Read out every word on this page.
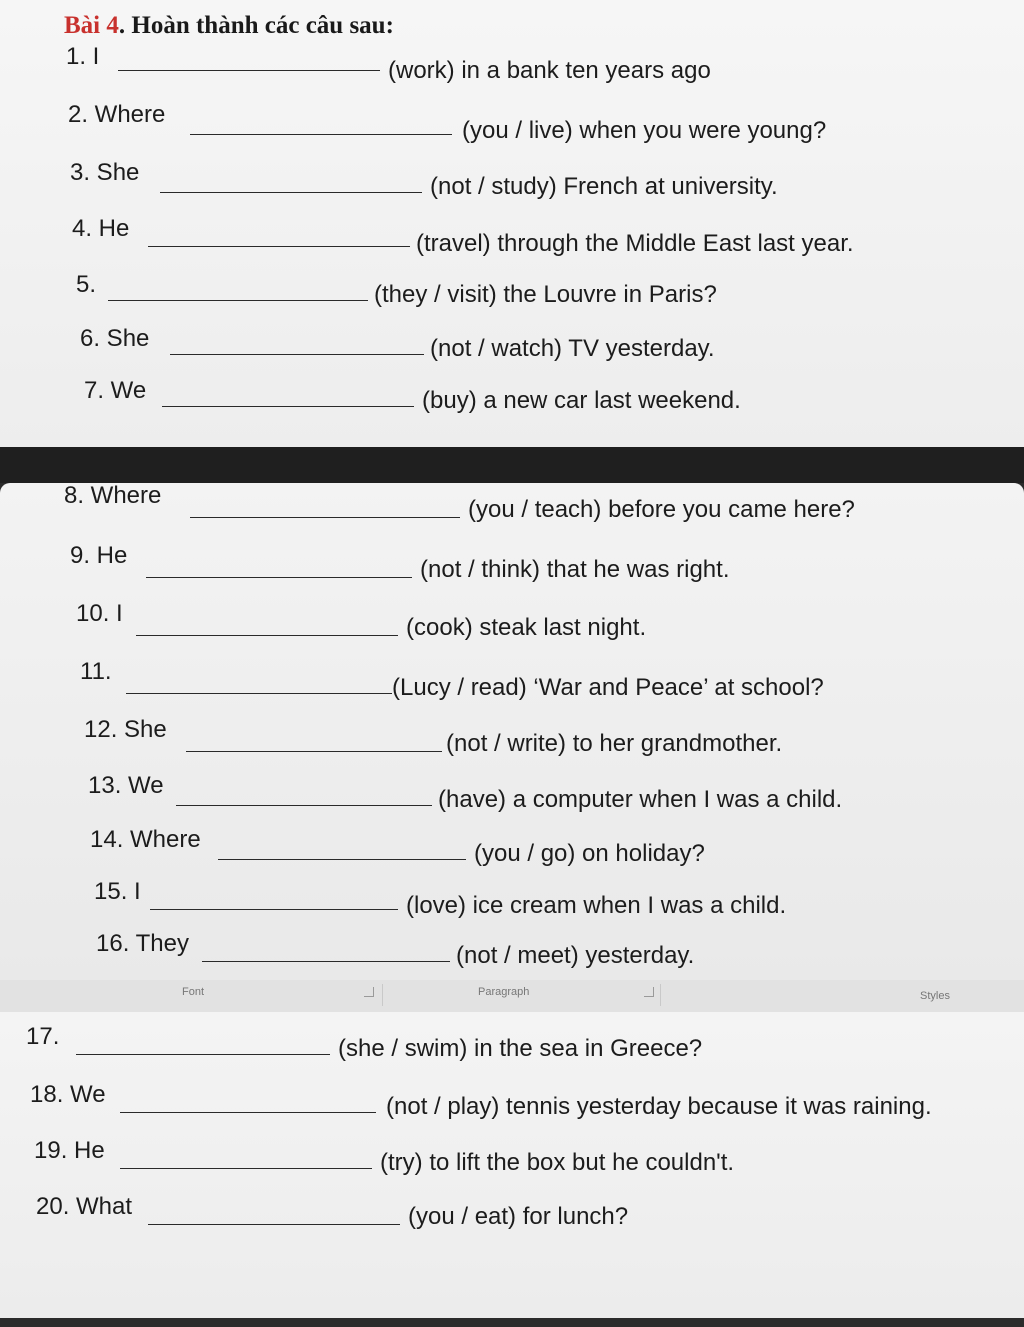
Bài 4. Hoàn thành các câu sau:
1. I
(work) in a bank ten years ago
2. Where
(you / live) when you were young?
3. She
(not / study) French at university.
4. He
(travel) through the Middle East last year.
5.	(they / visit) the Louvre in Paris?
6. She	(not / watch) TV yesterday.
7. We	(buy) a new car last weekend.
8. Where
(you / teach) before you came here?
9. He
(not / think) that he was right.
10. I
(cook) steak last night.
11.
(Lucy / read) ‘War and Peace’ at school?
12. She
(not / write) to her grandmother.
13. We
(have) a computer when I was a child.
14. Where
(you / go) on holiday?
15. I
(love) ice cream when I was a child.
16. They	(not / meet) yesterday.
Font	Paragraph	Styles
17.	(she / swim) in the sea in Greece?
18. We	(not / play) tennis yesterday because it was raining.
19. He	(try) to lift the box but he couldn't.
20. What	(you / eat) for lunch?
